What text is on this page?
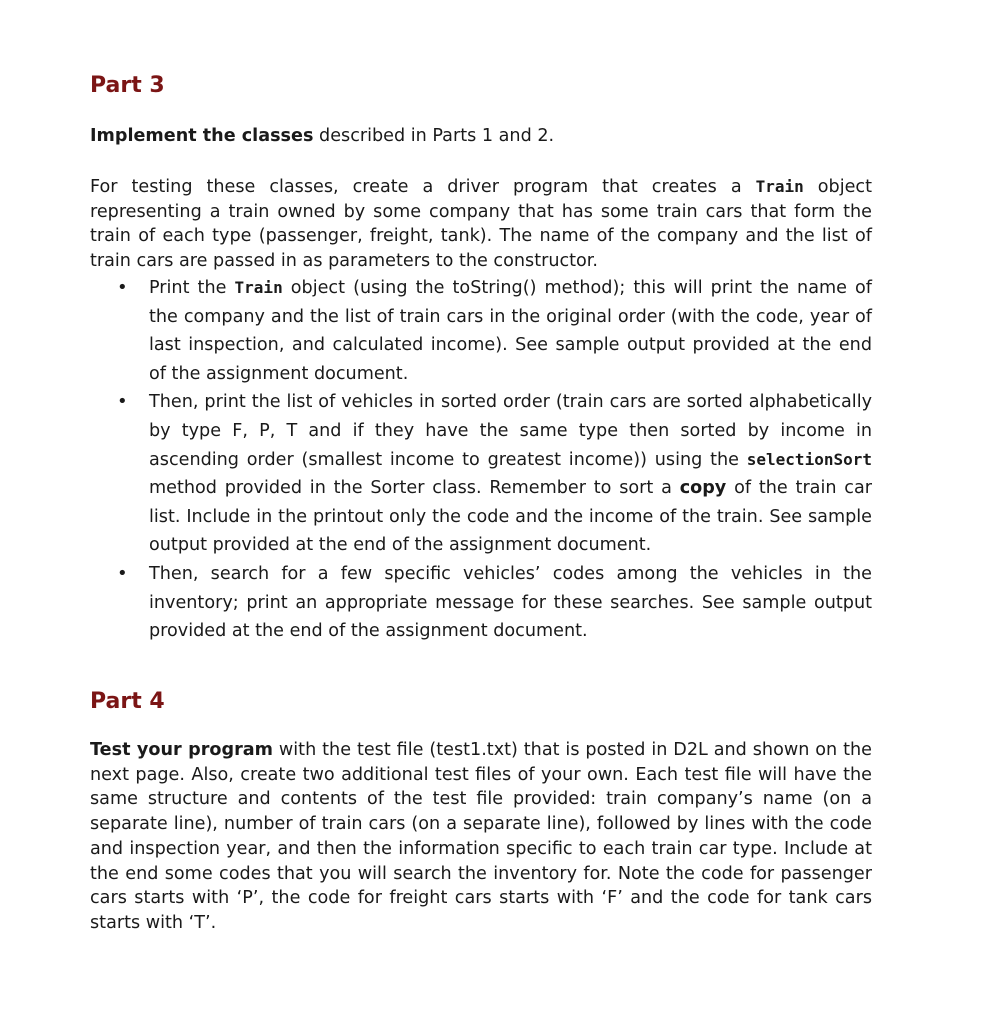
Part 3

Implement the classes described in Parts 1 and 2.

For testing these classes, create a driver program that creates a Train object representing a train owned by some company that has some train cars that form the train of each type (passenger, freight, tank). The name of the company and the list of train cars are passed in as parameters to the constructor.

• Print the Train object (using the toString() method); this will print the name of the company and the list of train cars in the original order (with the code, year of last inspection, and calculated income). See sample output provided at the end of the assignment document.
• Then, print the list of vehicles in sorted order (train cars are sorted alphabetically by type F, P, T and if they have the same type then sorted by income in ascending order (smallest income to greatest income)) using the selectionSort method provided in the Sorter class. Remember to sort a copy of the train car list. Include in the printout only the code and the income of the train. See sample output provided at the end of the assignment document.
• Then, search for a few specific vehicles’ codes among the vehicles in the inventory; print an appropriate message for these searches. See sample output provided at the end of the assignment document.
Part 4

Test your program with the test file (test1.txt) that is posted in D2L and shown on the next page. Also, create two additional test files of your own. Each test file will have the same structure and contents of the test file provided: train company’s name (on a separate line), number of train cars (on a separate line), followed by lines with the code and inspection year, and then the information specific to each train car type. Include at the end some codes that you will search the inventory for. Note the code for passenger cars starts with ‘P’, the code for freight cars starts with ‘F’ and the code for tank cars starts with ‘T’.
